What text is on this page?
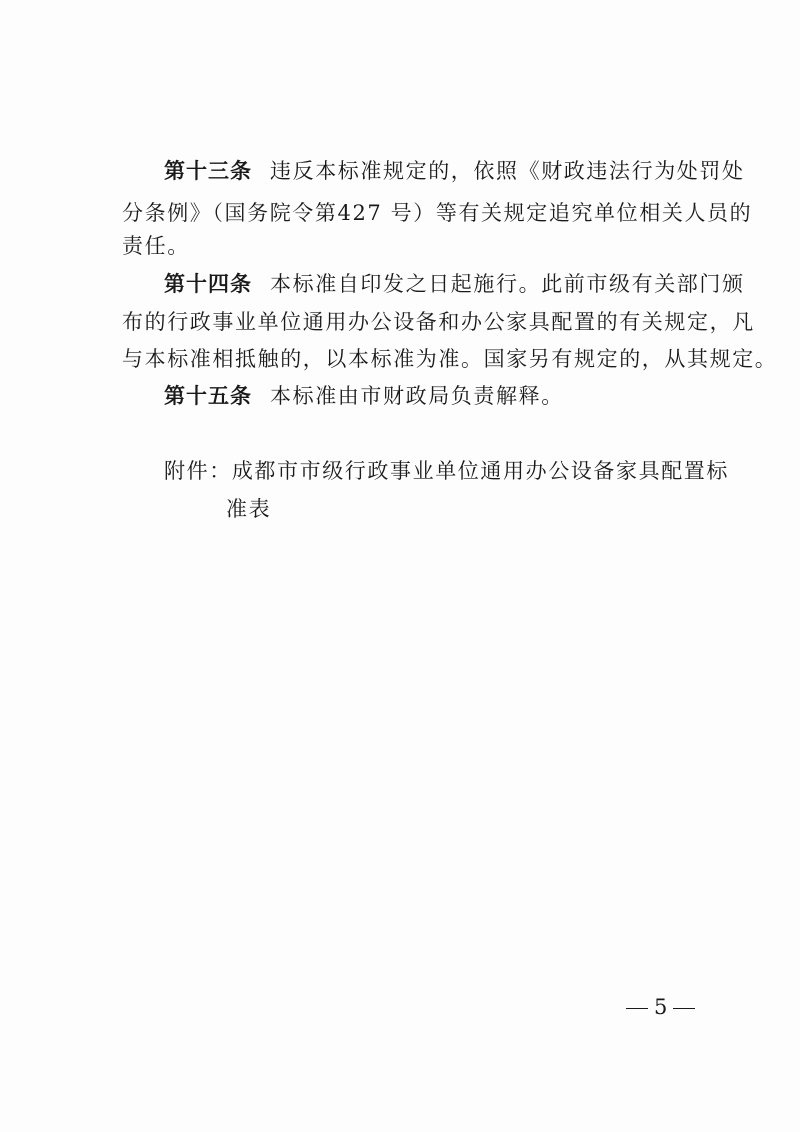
第十三条 违反本标准规定的，依照《财政违法行为处罚处
分条例》（国务院令第427 号）等有关规定追究单位相关人员的
责任。
第十四条 本标准自印发之日起施行。此前市级有关部门颁
布的行政事业单位通用办公设备和办公家具配置的有关规定，凡
与本标准相抵触的，以本标准为准。国家另有规定的，从其规定。
第十五条 本标准由市财政局负责解释。
附件：成都市市级行政事业单位通用办公设备家具配置标
准表
5
